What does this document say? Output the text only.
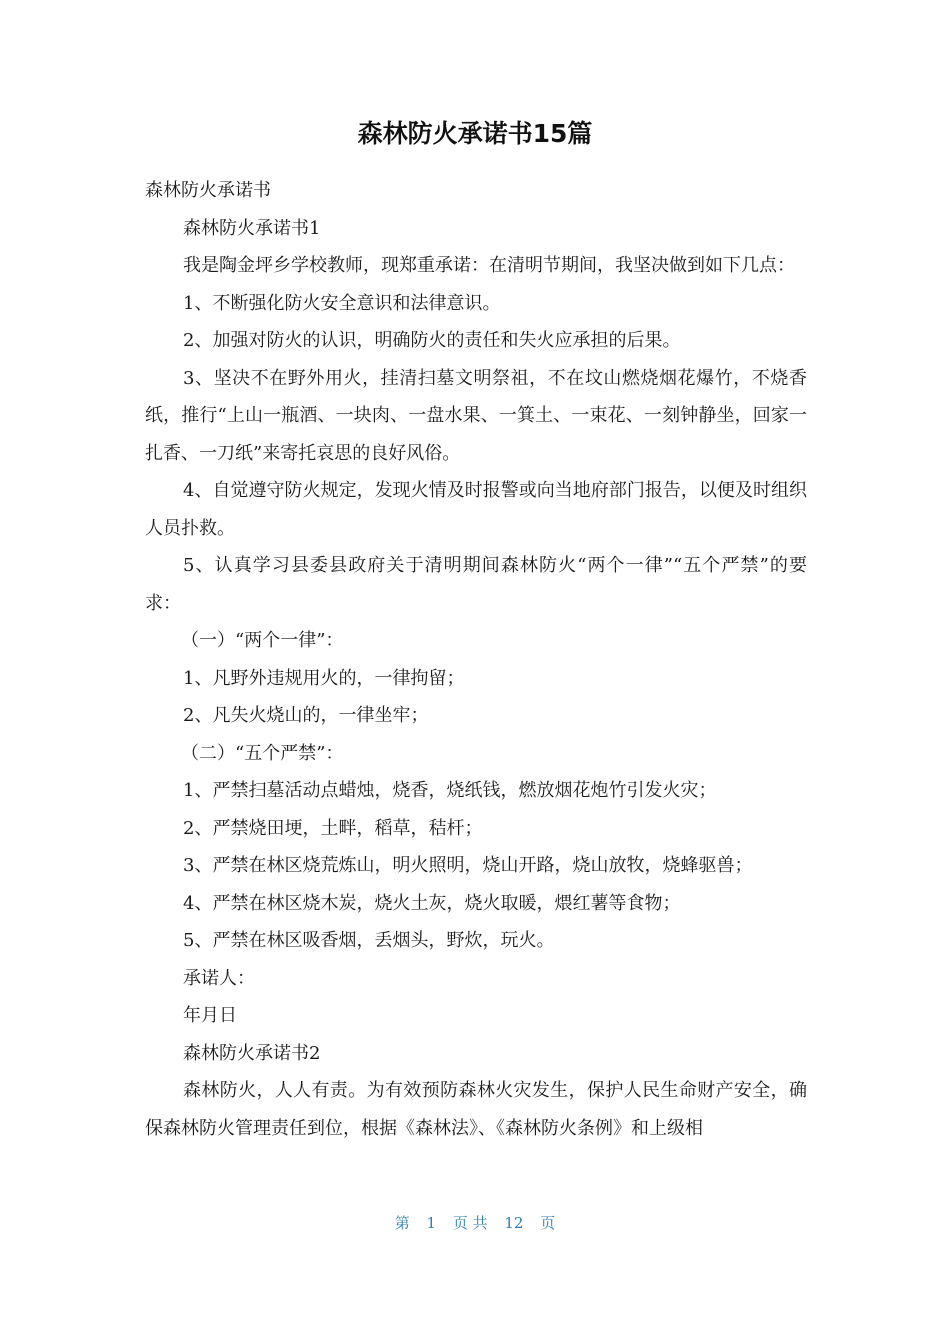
森林防火承诺书15篇

森林防火承诺书

森林防火承诺书1

我是陶金坪乡学校教师，现郑重承诺：在清明节期间，我坚决做到如下几点：

1、不断强化防火安全意识和法律意识。

2、加强对防火的认识，明确防火的责任和失火应承担的后果。

3、坚决不在野外用火，挂清扫墓文明祭祖，不在坟山燃烧烟花爆竹，不烧香纸，推行“上山一瓶酒、一块肉、一盘水果、一箕土、一束花、一刻钟静坐，回家一扎香、一刀纸”来寄托哀思的良好风俗。

4、自觉遵守防火规定，发现火情及时报警或向当地府部门报告，以便及时组织人员扑救。

5、认真学习县委县政府关于清明期间森林防火“两个一律”“五个严禁”的要求：

（一）“两个一律”：

1、凡野外违规用火的，一律拘留；

2、凡失火烧山的，一律坐牢；

（二）“五个严禁”：

1、严禁扫墓活动点蜡烛，烧香，烧纸钱，燃放烟花炮竹引发火灾；

2、严禁烧田埂，土畔，稻草，秸杆；

3、严禁在林区烧荒炼山，明火照明，烧山开路，烧山放牧，烧蜂驱兽；

4、严禁在林区烧木炭，烧火土灰，烧火取暖，煨红薯等食物；

5、严禁在林区吸香烟，丢烟头，野炊，玩火。

承诺人：

年月日

森林防火承诺书2

森林防火，人人有责。为有效预防森林火灾发生，保护人民生命财产安全，确保森林防火管理责任到位，根据《森林法》、《森林防火条例》和上级相

第 1 页 共 12 页
